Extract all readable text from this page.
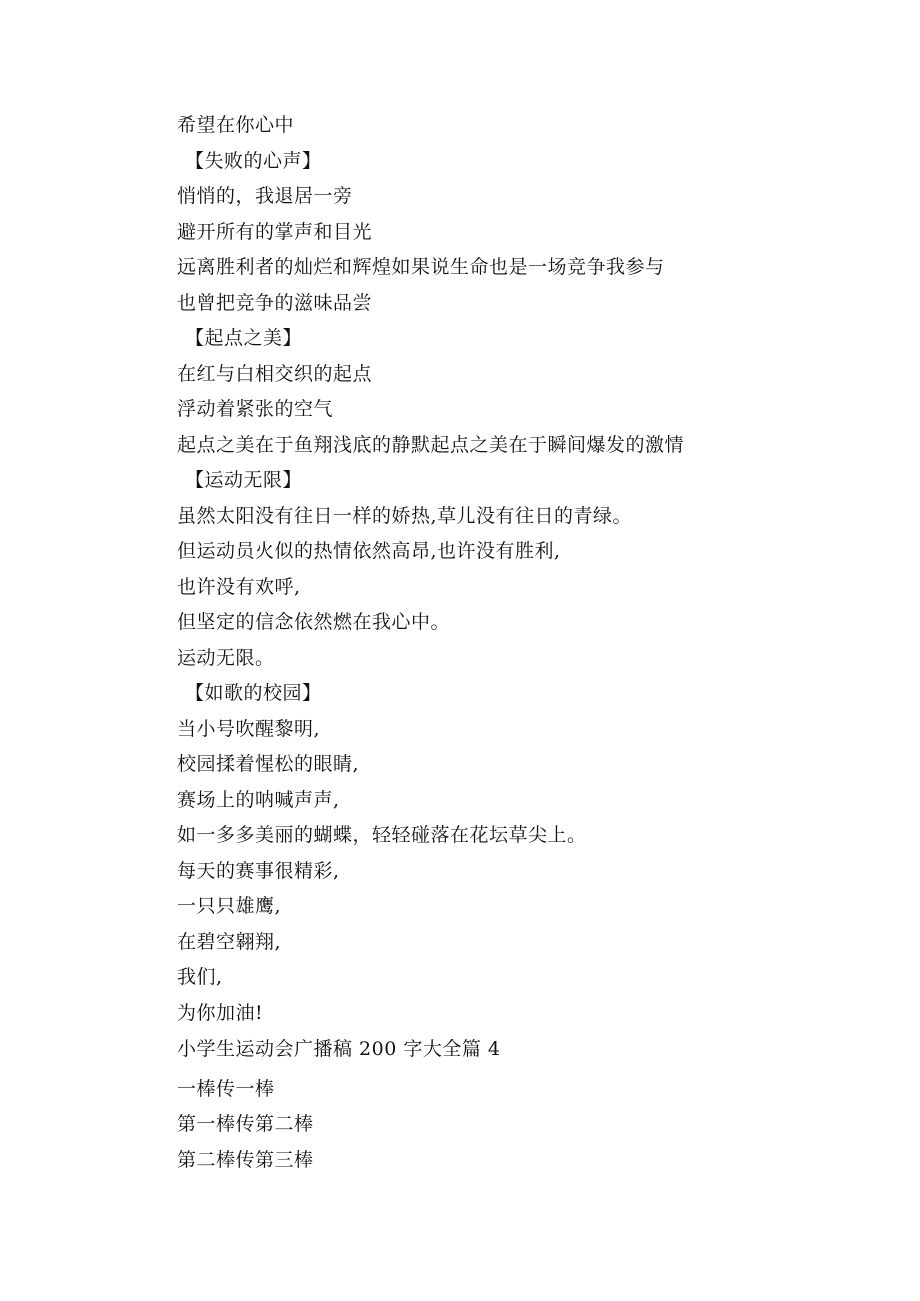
希望在你心中
【失败的心声】
悄悄的，我退居一旁
避开所有的掌声和目光
远离胜利者的灿烂和辉煌如果说生命也是一场竞争我参与
也曾把竞争的滋味品尝
【起点之美】
在红与白相交织的起点
浮动着紧张的空气
起点之美在于鱼翔浅底的静默起点之美在于瞬间爆发的激情
【运动无限】
虽然太阳没有往日一样的娇热,草儿没有往日的青绿。
但运动员火似的热情依然高昂,也许没有胜利,
也许没有欢呼,
但坚定的信念依然燃在我心中。
运动无限。
【如歌的校园】
当小号吹醒黎明,
校园揉着惺松的眼睛,
赛场上的呐喊声声,
如一多多美丽的蝴蝶，轻轻碰落在花坛草尖上。
每天的赛事很精彩,
一只只雄鹰,
在碧空翱翔,
我们,
为你加油!
小学生运动会广播稿 200 字大全篇 4
一棒传一棒
第一棒传第二棒
第二棒传第三棒
